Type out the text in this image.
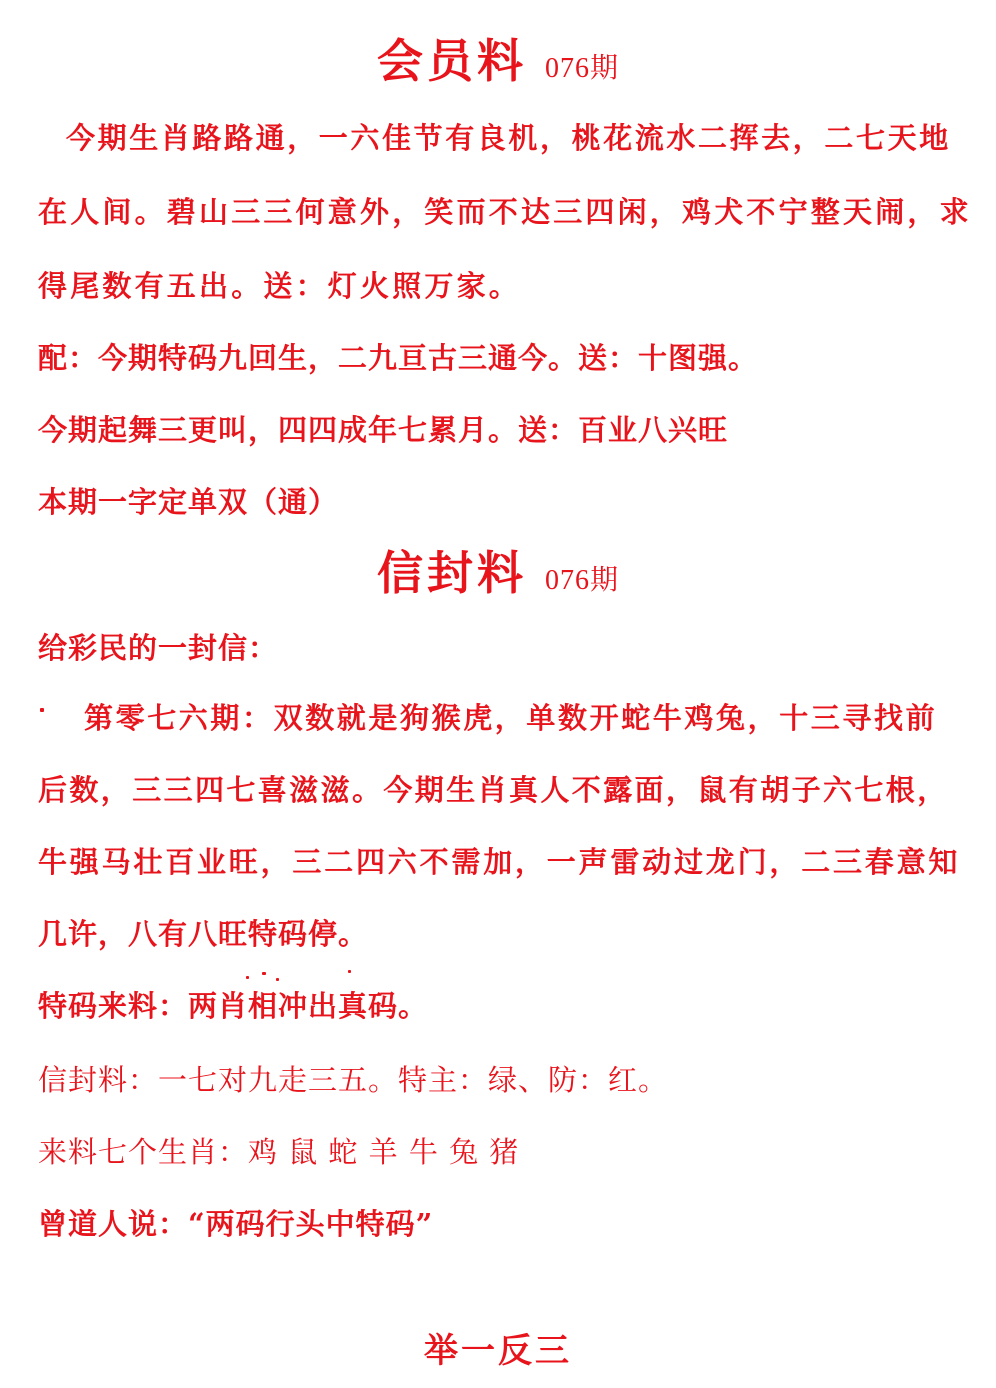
会员料 076期
今期生肖路路通，一六佳节有良机，桃花流水二挥去，二七天地
在人间。碧山三三何意外，笑而不达三四闲，鸡犬不宁整天闹，求
得尾数有五出。送：灯火照万家。
配：今期特码九回生，二九亘古三通今。送：十图强。
今期起舞三更叫，四四成年七累月。送：百业八兴旺
本期一字定单双（通）
信封料 076期
给彩民的一封信：
第零七六期：双数就是狗猴虎，单数开蛇牛鸡兔，十三寻找前
后数，三三四七喜滋滋。今期生肖真人不露面，鼠有胡子六七根，
牛强马壮百业旺，三二四六不需加，一声雷动过龙门，二三春意知
几许，八有八旺特码停。
特码来料：两肖相冲出真码。
信封料：一七对九走三五。特主：绿、防：红。
来料七个生肖：鸡 鼠 蛇 羊 牛 兔 猪
曾道人说：“两码行头中特码”
举一反三
